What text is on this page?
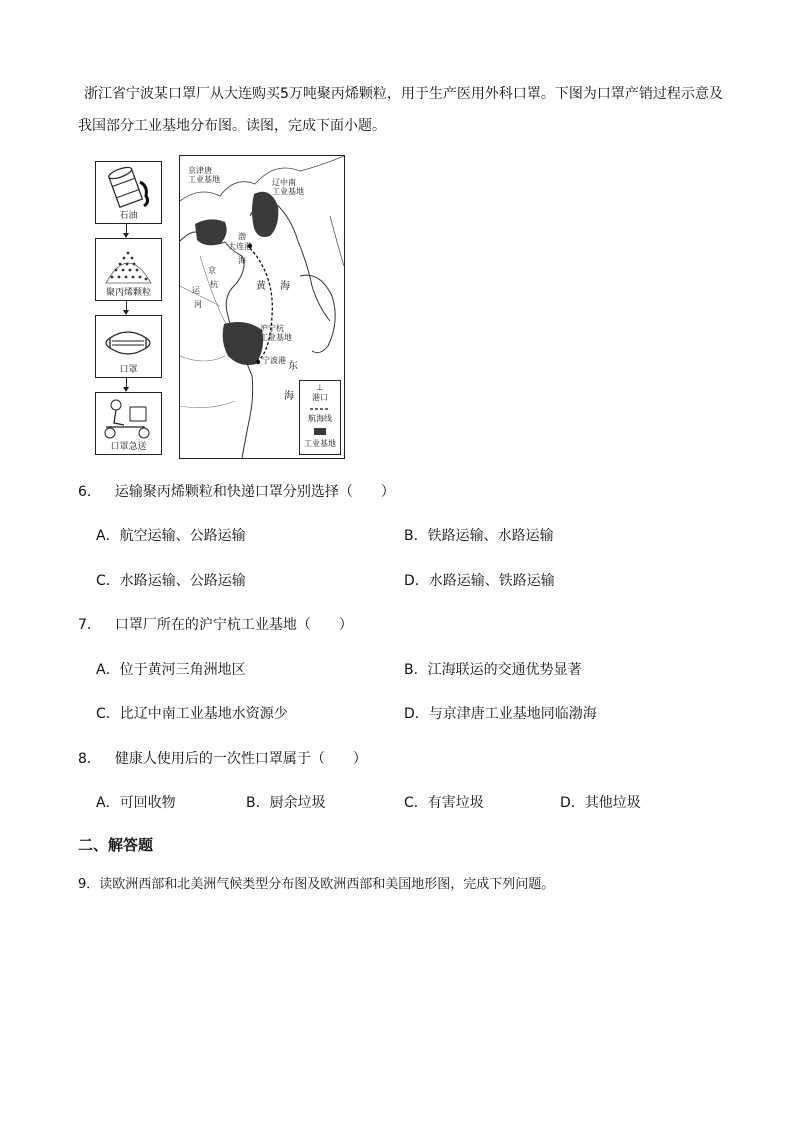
浙江省宁波某口罩厂从大连购买5万吨聚丙烯颗粒，用于生产医用外科口罩。下图为口罩产销过程示意及我国部分工业基地分布图。读图，完成下面小题。
石油
聚丙烯颗粒
口罩
口罩急送
京津唐
工业基地	辽中南
工业基地
沪宁杭
工业基地
大连港
宁波港
渤
海
黄 海
东
海
京
杭
运
河
⊥
港口
航海线
工业基地
6． 运输聚丙烯颗粒和快递口罩分别选择（　　）
A．航空运输、公路运输	B．铁路运输、水路运输
C．水路运输、公路运输	D．水路运输、铁路运输
7． 口罩厂所在的沪宁杭工业基地（　　）
A．位于黄河三角洲地区	B．江海联运的交通优势显著
C．比辽中南工业基地水资源少	D．与京津唐工业基地同临渤海
8． 健康人使用后的一次性口罩属于（　　）
A．可回收物	B．厨余垃圾	C．有害垃圾	D．其他垃圾
二、解答题
9．读欧洲西部和北美洲气候类型分布图及欧洲西部和美国地形图，完成下列问题。
